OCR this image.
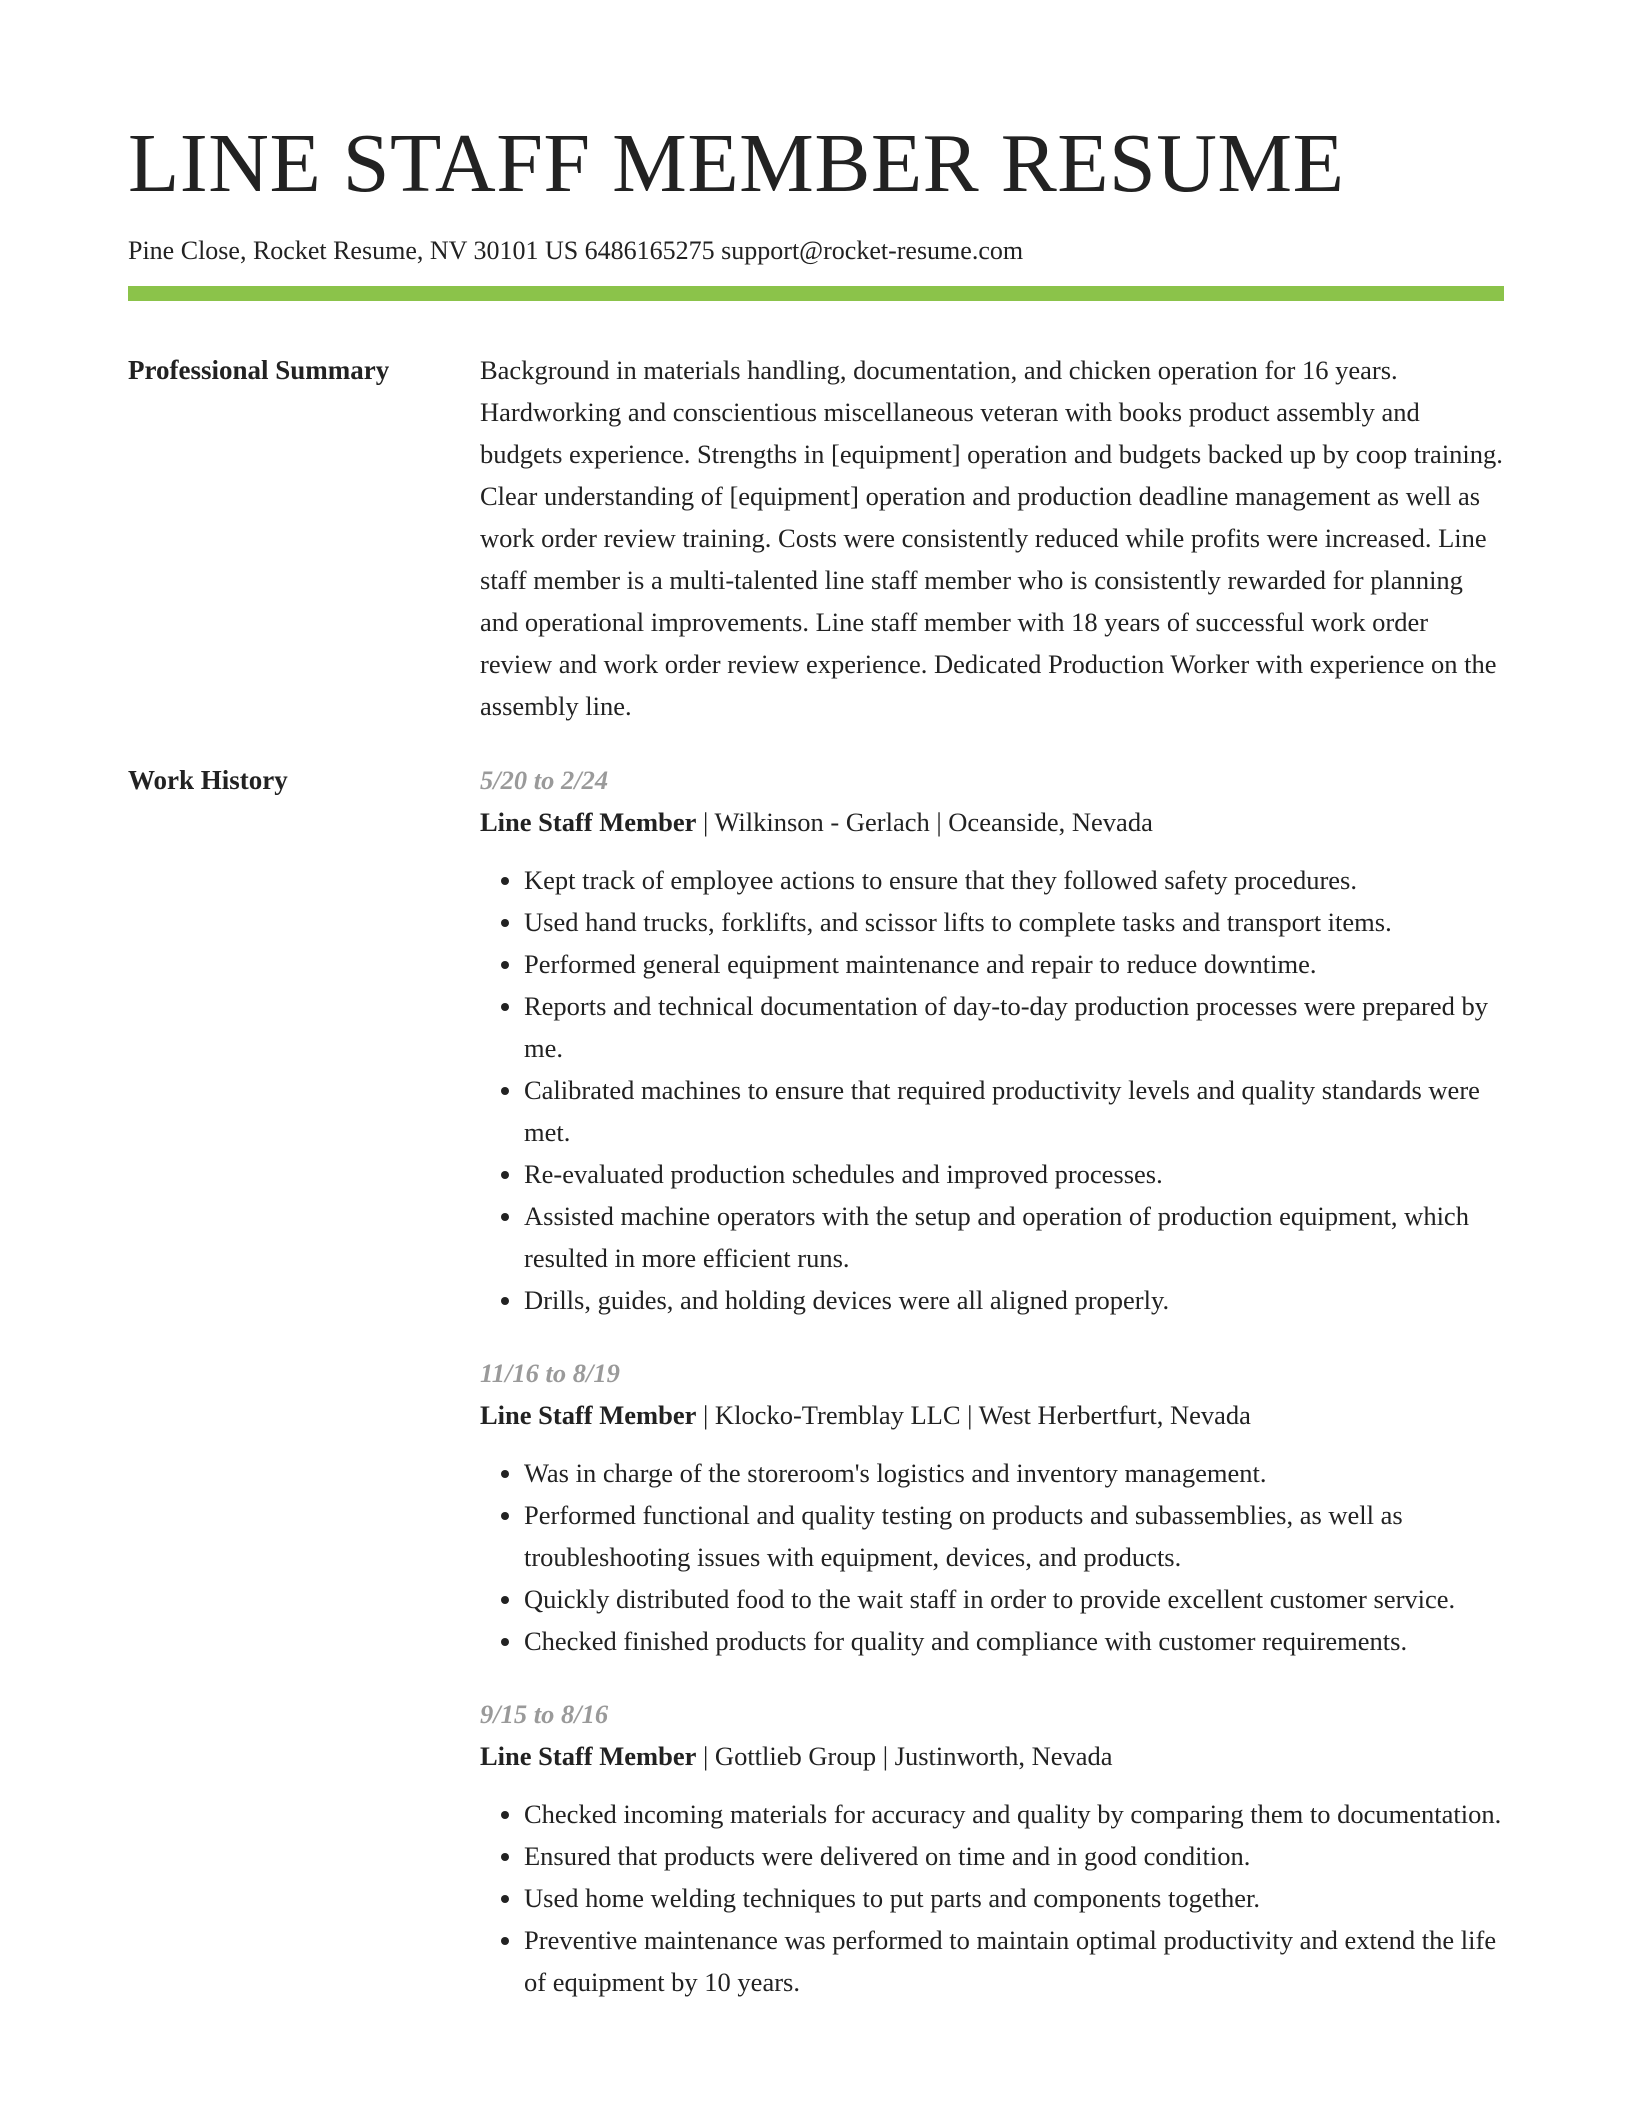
LINE STAFF MEMBER RESUME
Pine Close, Rocket Resume, NV 30101 US 6486165275 support@rocket-resume.com
Professional Summary	Background in materials handling, documentation, and chicken operation for 16 years. Hardworking and conscientious miscellaneous veteran with books product assembly and budgets experience. Strengths in [equipment] operation and budgets backed up by coop training. Clear understanding of [equipment] operation and production deadline management as well as work order review training. Costs were consistently reduced while profits were increased. Line staff member is a multi-talented line staff member who is consistently rewarded for planning and operational improvements. Line staff member with 18 years of successful work order review and work order review experience. Dedicated Production Worker with experience on the assembly line.

Work History	5/20 to 2/24
Line Staff Member | Wilkinson - Gerlach | Oceanside, Nevada
• Kept track of employee actions to ensure that they followed safety procedures.
• Used hand trucks, forklifts, and scissor lifts to complete tasks and transport items.
• Performed general equipment maintenance and repair to reduce downtime.
• Reports and technical documentation of day-to-day production processes were prepared by me.
• Calibrated machines to ensure that required productivity levels and quality standards were met.
• Re-evaluated production schedules and improved processes.
• Assisted machine operators with the setup and operation of production equipment, which resulted in more efficient runs.
• Drills, guides, and holding devices were all aligned properly.
11/16 to 8/19
Line Staff Member | Klocko-Tremblay LLC | West Herbertfurt, Nevada
• Was in charge of the storeroom's logistics and inventory management.
• Performed functional and quality testing on products and subassemblies, as well as troubleshooting issues with equipment, devices, and products.
• Quickly distributed food to the wait staff in order to provide excellent customer service.
• Checked finished products for quality and compliance with customer requirements.
9/15 to 8/16
Line Staff Member | Gottlieb Group | Justinworth, Nevada
• Checked incoming materials for accuracy and quality by comparing them to documentation.
• Ensured that products were delivered on time and in good condition.
• Used home welding techniques to put parts and components together.
• Preventive maintenance was performed to maintain optimal productivity and extend the life of equipment by 10 years.
